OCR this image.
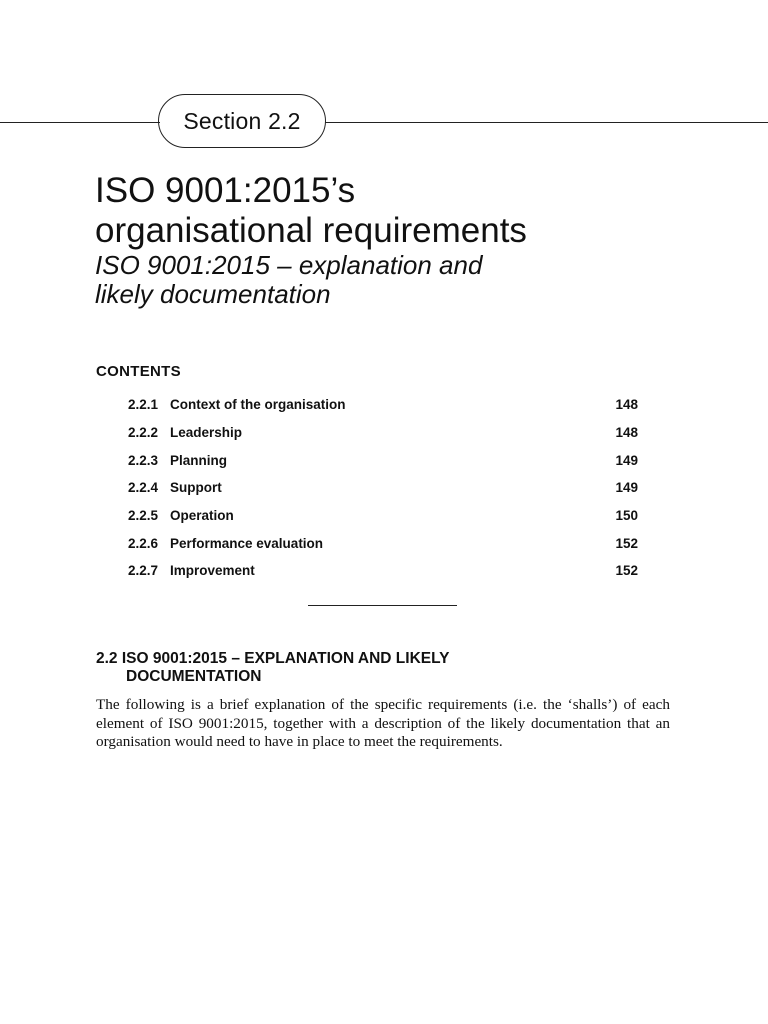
Section 2.2
ISO 9001:2015’s
organisational requirements
ISO 9001:2015 – explanation and
likely documentation
CONTENTS
2.2.1 Context of the organisation	148
2.2.2 Leadership	148
2.2.3 Planning	149
2.2.4 Support	149
2.2.5 Operation	150
2.2.6 Performance evaluation	152
2.2.7 Improvement	152
2.2 ISO 9001:2015 – EXPLANATION AND LIKELY
DOCUMENTATION

The following is a brief explanation of the specific requirements (i.e. the ‘shalls’) of each element of ISO 9001:2015, together with a description of the likely documentation that an organisation would need to have in place to meet the requirements.
